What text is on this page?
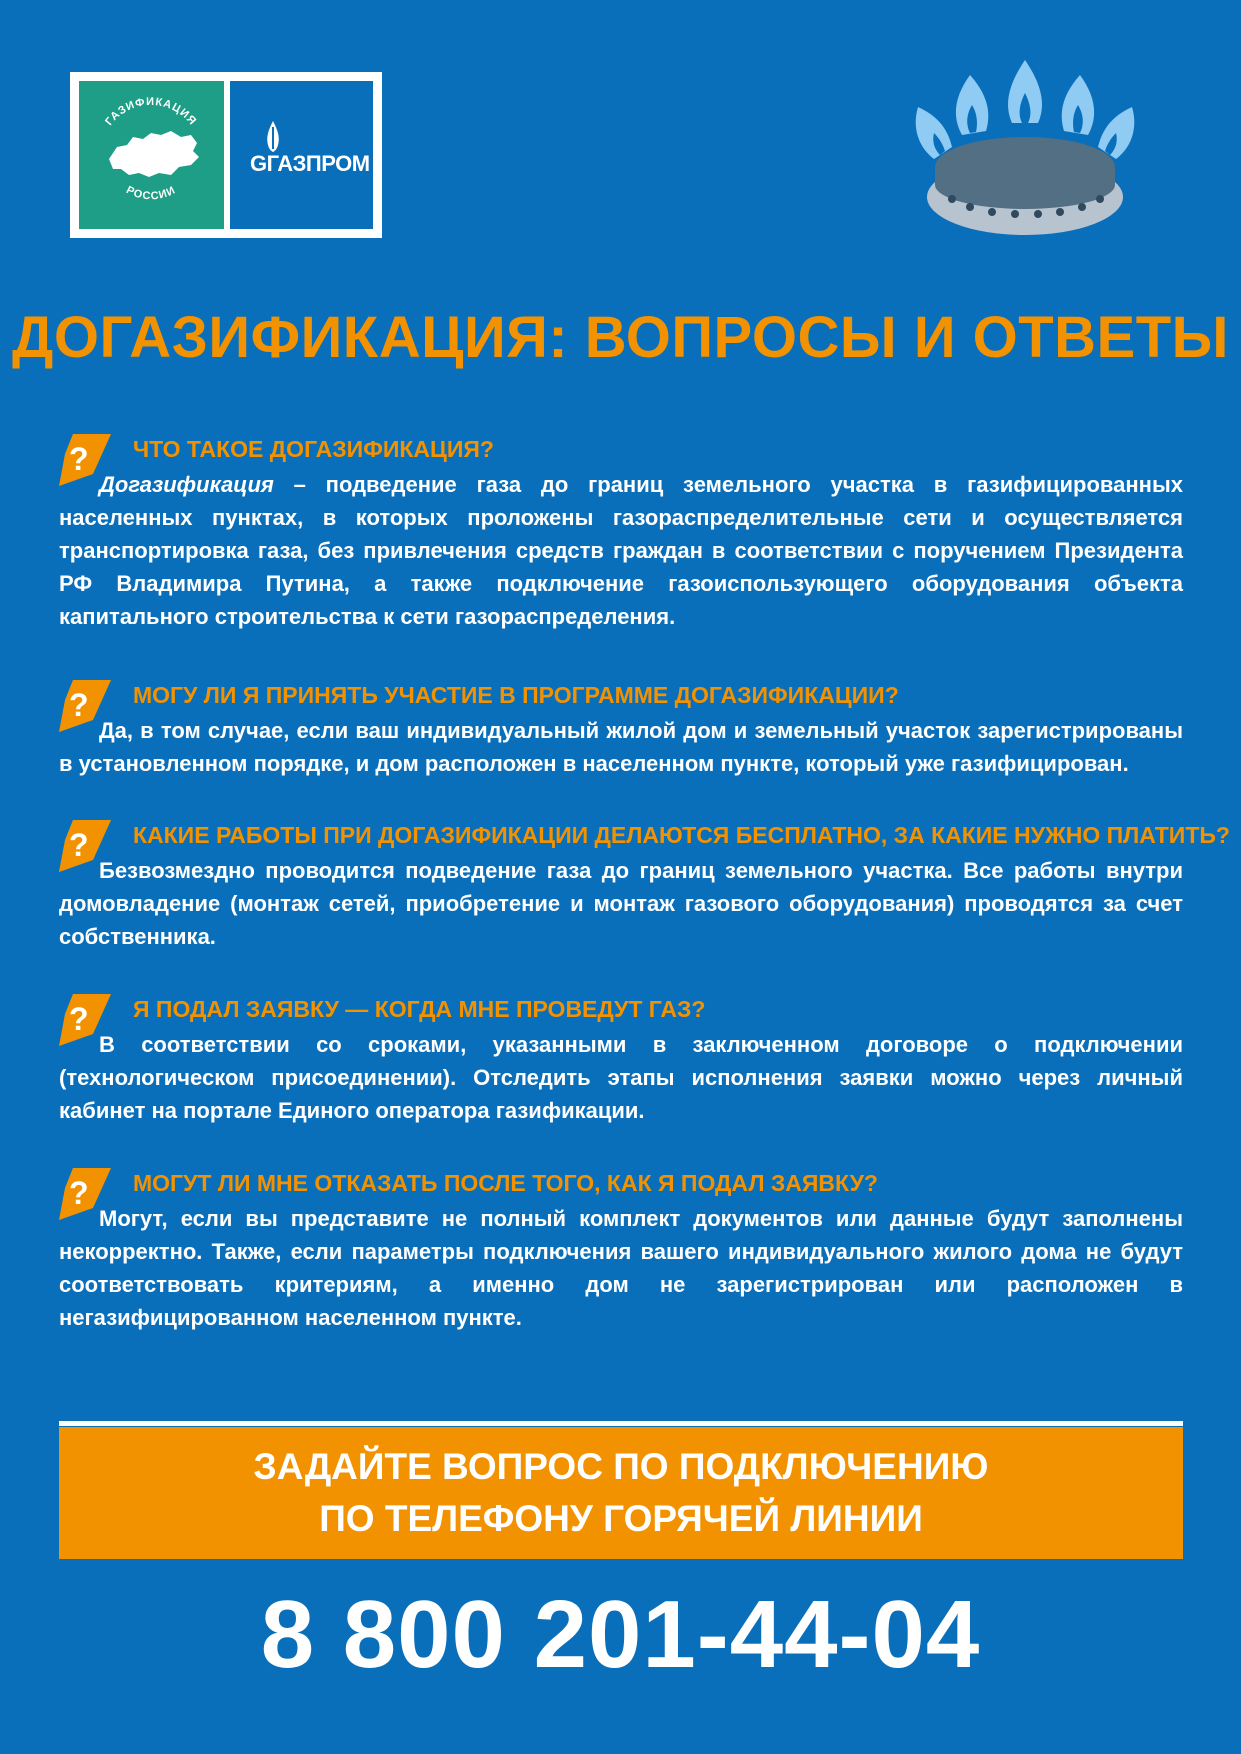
ГАЗИФИКАЦИЯ
РОССИИ
GГАЗПРОМ
ДОГАЗИФИКАЦИЯ: ВОПРОСЫ И ОТВЕТЫ
? ЧТО ТАКОЕ ДОГАЗИФИКАЦИЯ?
Догазификация – подведение газа до границ земельного участка в газифицированных населенных пунктах, в которых проложены газораспределительные сети и осуществляется транспортировка газа, без привлечения средств граждан в соответствии с поручением Президента РФ Владимира Путина, а также подключение газоиспользующего оборудования объекта капитального строительства к сети газораспределения.
? МОГУ ЛИ Я ПРИНЯТЬ УЧАСТИЕ В ПРОГРАММЕ ДОГАЗИФИКАЦИИ?
Да, в том случае, если ваш индивидуальный жилой дом и земельный участок зарегистрированы в установленном порядке, и дом расположен в населенном пункте, который уже газифицирован.
? КАКИЕ РАБОТЫ ПРИ ДОГАЗИФИКАЦИИ ДЕЛАЮТСЯ БЕСПЛАТНО, ЗА КАКИЕ НУЖНО ПЛАТИТЬ?
Безвозмездно проводится подведение газа до границ земельного участка. Все работы внутри домовладение (монтаж сетей, приобретение и монтаж газового оборудования) проводятся за счет собственника.
? Я ПОДАЛ ЗАЯВКУ — КОГДА МНЕ ПРОВЕДУТ ГАЗ?
В соответствии со сроками, указанными в заключенном договоре о подключении (технологическом присоединении). Отследить этапы исполнения заявки можно через личный кабинет на портале Единого оператора газификации.
? МОГУТ ЛИ МНЕ ОТКАЗАТЬ ПОСЛЕ ТОГО, КАК Я ПОДАЛ ЗАЯВКУ?
Могут, если вы представите не полный комплект документов или данные будут заполнены некорректно. Также, если параметры подключения вашего индивидуального жилого дома не будут соответствовать критериям, а именно дом не зарегистрирован или расположен в негазифицированном населенном пункте.
ЗАДАЙТЕ ВОПРОС ПО ПОДКЛЮЧЕНИЮ
ПО ТЕЛЕФОНУ ГОРЯЧЕЙ ЛИНИИ
8 800 201-44-04
